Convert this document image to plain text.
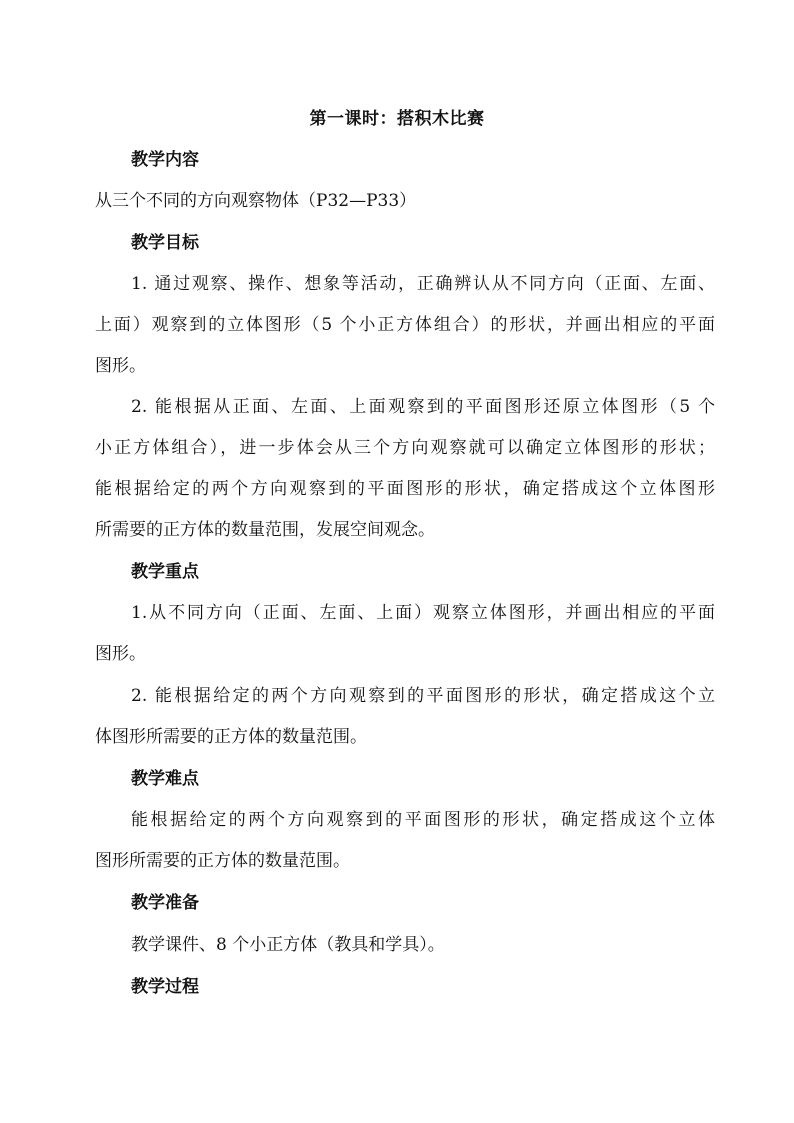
第一课时：搭积木比赛
教学内容
从三个不同的方向观察物体（P32—P33）
教学目标
1. 通过观察、操作、想象等活动，正确辨认从不同方向（正面、左面、
上面）观察到的立体图形（5 个小正方体组合）的形状，并画出相应的平面
图形。
2. 能根据从正面、左面、上面观察到的平面图形还原立体图形（5 个
小正方体组合），进一步体会从三个方向观察就可以确定立体图形的形状；
能根据给定的两个方向观察到的平面图形的形状，确定搭成这个立体图形
所需要的正方体的数量范围，发展空间观念。
教学重点
1.从不同方向（正面、左面、上面）观察立体图形，并画出相应的平面
图形。
2. 能根据给定的两个方向观察到的平面图形的形状，确定搭成这个立
体图形所需要的正方体的数量范围。
教学难点
能根据给定的两个方向观察到的平面图形的形状，确定搭成这个立体
图形所需要的正方体的数量范围。
教学准备
教学课件、8 个小正方体（教具和学具）。
教学过程
